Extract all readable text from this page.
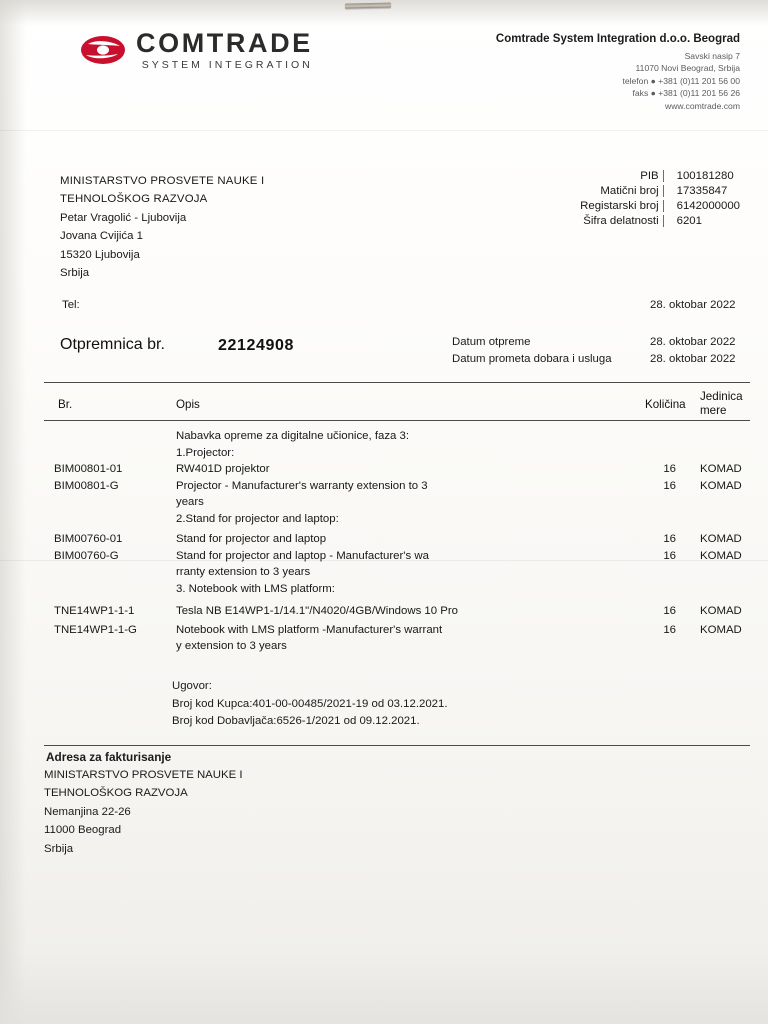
COMTRADE
SYSTEM INTEGRATION
Comtrade System Integration d.o.o. Beograd
Savski nasip 7
11070 Novi Beograd, Srbija
telefon ● +381 (0)11 201 56 00
faks ● +381 (0)11 201 56 26
www.comtrade.com
MINISTARSTVO PROSVETE NAUKE I
TEHNOLOŠKOG RAZVOJA
Petar Vragolić - Ljubovija
Jovana Cvijića 1
15320 Ljubovija
Srbija
PIB	100181280
Matični broj	17335847
Registarski broj	6142000000
Šifra delatnosti	6201
Tel:	28. oktobar 2022
Otpremnica br.	22124908	Datum otpreme	28. oktobar 2022
Datum prometa dobara i usluga	28. oktobar 2022
Br.	Opis	Količina
Jedinica
mere
Nabavka opreme za digitalne učionice, faza 3:
1.Projector:
BIM00801-01	RW401D projektor	16 KOMAD
BIM00801-G	Projector - Manufacturer's warranty extension to 3	16 KOMAD
years
2.Stand for projector and laptop:
BIM00760-01	Stand for projector and laptop	16 KOMAD
BIM00760-G	Stand for projector and laptop - Manufacturer's wa	16 KOMAD
rranty extension to 3 years
3. Notebook with LMS platform:
TNE14WP1-1-1	Tesla NB E14WP1-1/14.1"/N4020/4GB/Windows 10 Pro	16 KOMAD
TNE14WP1-1-G	Notebook with LMS platform -Manufacturer's warrant	16 KOMAD
y extension to 3 years
Ugovor:
Broj kod Kupca:401-00-00485/2021-19 od 03.12.2021.
Broj kod Dobavljača:6526-1/2021 od 09.12.2021.
Adresa za fakturisanje
MINISTARSTVO PROSVETE NAUKE I
TEHNOLOŠKOG RAZVOJA
Nemanjina 22-26
11000 Beograd
Srbija
